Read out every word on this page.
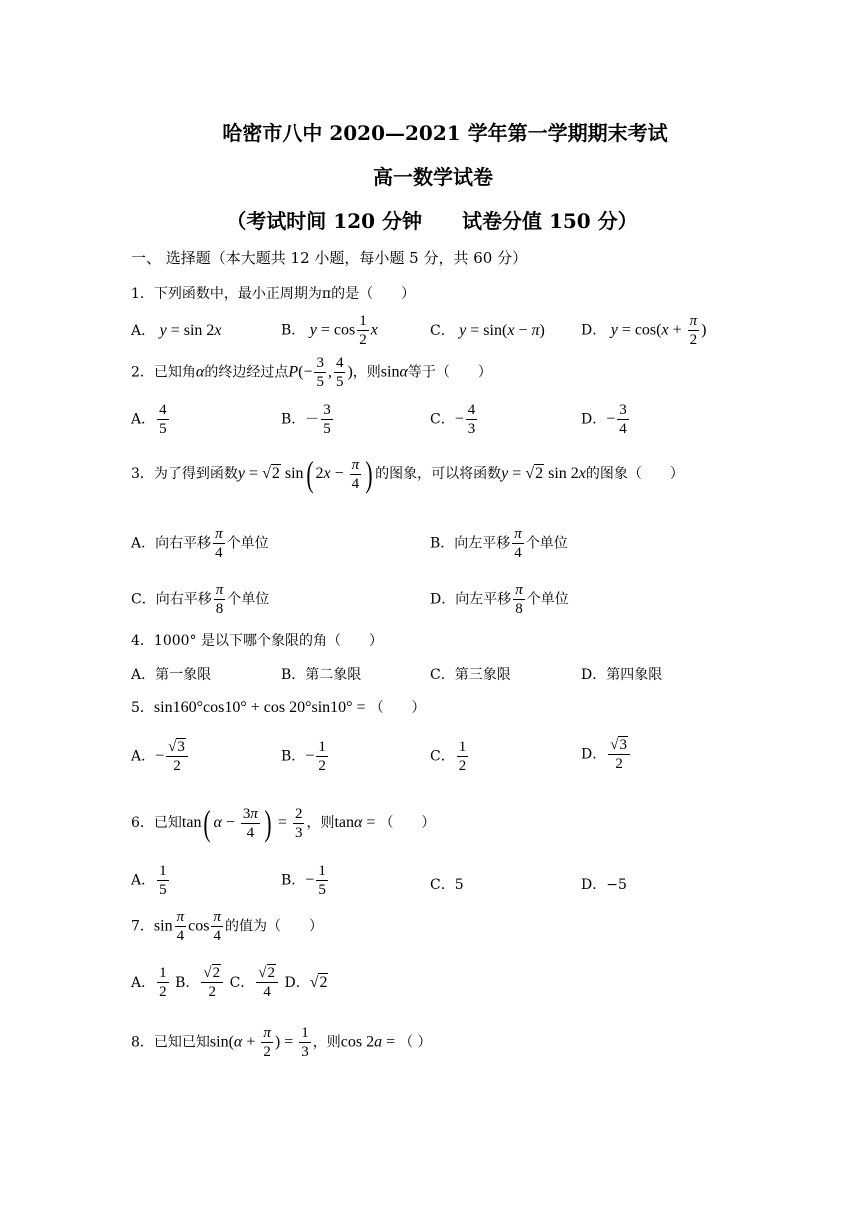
哈密市八中 2020—2021 学年第一学期期末考试
高一数学试卷
（考试时间 120 分钟 试卷分值 150 分）
一、 选择题（本大题共 12 小题，每小题 5 分，共 60 分）
1．下列函数中，最小正周期为π的是（　　）
A． y = sin 2x	B． $y = \cos \frac{1}{2}$ x	C． y = sin(x − π)	D． $y = \cos(x + \frac{\pi}{2}$ )
2．已知角α的终边经过点$P(- \frac{3}{5}$ , $\frac{4}{5}$ )，则sinα等于（　　）
A． $\frac{4}{5}$	B．－ $\frac{3}{5}$	C．− $\frac{4}{3}$	D．− $\frac{3}{4}$
3．为了得到函数y = √2 sin( $2x - \frac{\pi}{4}$ ) 的图象，可以将函数y = √2 sin 2x的图象（　　）
A．向右平移 $\frac{\pi}{4}$ 个单位	B．向左平移 $\frac{\pi}{4}$ 个单位
C．向右平移 $\frac{\pi}{8}$ 个单位	D．向左平移 $\frac{\pi}{8}$ 个单位
4．1000° 是以下哪个象限的角（　　）
A．第一象限	B．第二象限	C．第三象限	D．第四象限
5．sin160°cos10° + cos 20°sin10° = （　　）
A．− $\frac{√3}{2}$	B．− $\frac{1}{2}$	C． $\frac{1}{2}$	D． $\frac{√3}{2}$
6．已知tan( $\alpha - \frac{3\pi}{4}$ ) = $\frac{2}{3}$ ，则tanα = （　　）
A． $\frac{1}{5}$	B．− $\frac{1}{5}$	C．5	D．−5
7．$\sin \frac{\pi}{4}$ $\cos \frac{\pi}{4}$ 的值为（　　）
A． $\frac{1}{2}$ B． $\frac{√2}{2}$ C． $\frac{√2}{4}$ D．√2
8．已知已知$\sin(\alpha + \frac{\pi}{2}$ ) = $\frac{1}{3}$ ，则cos 2a = （ ）
